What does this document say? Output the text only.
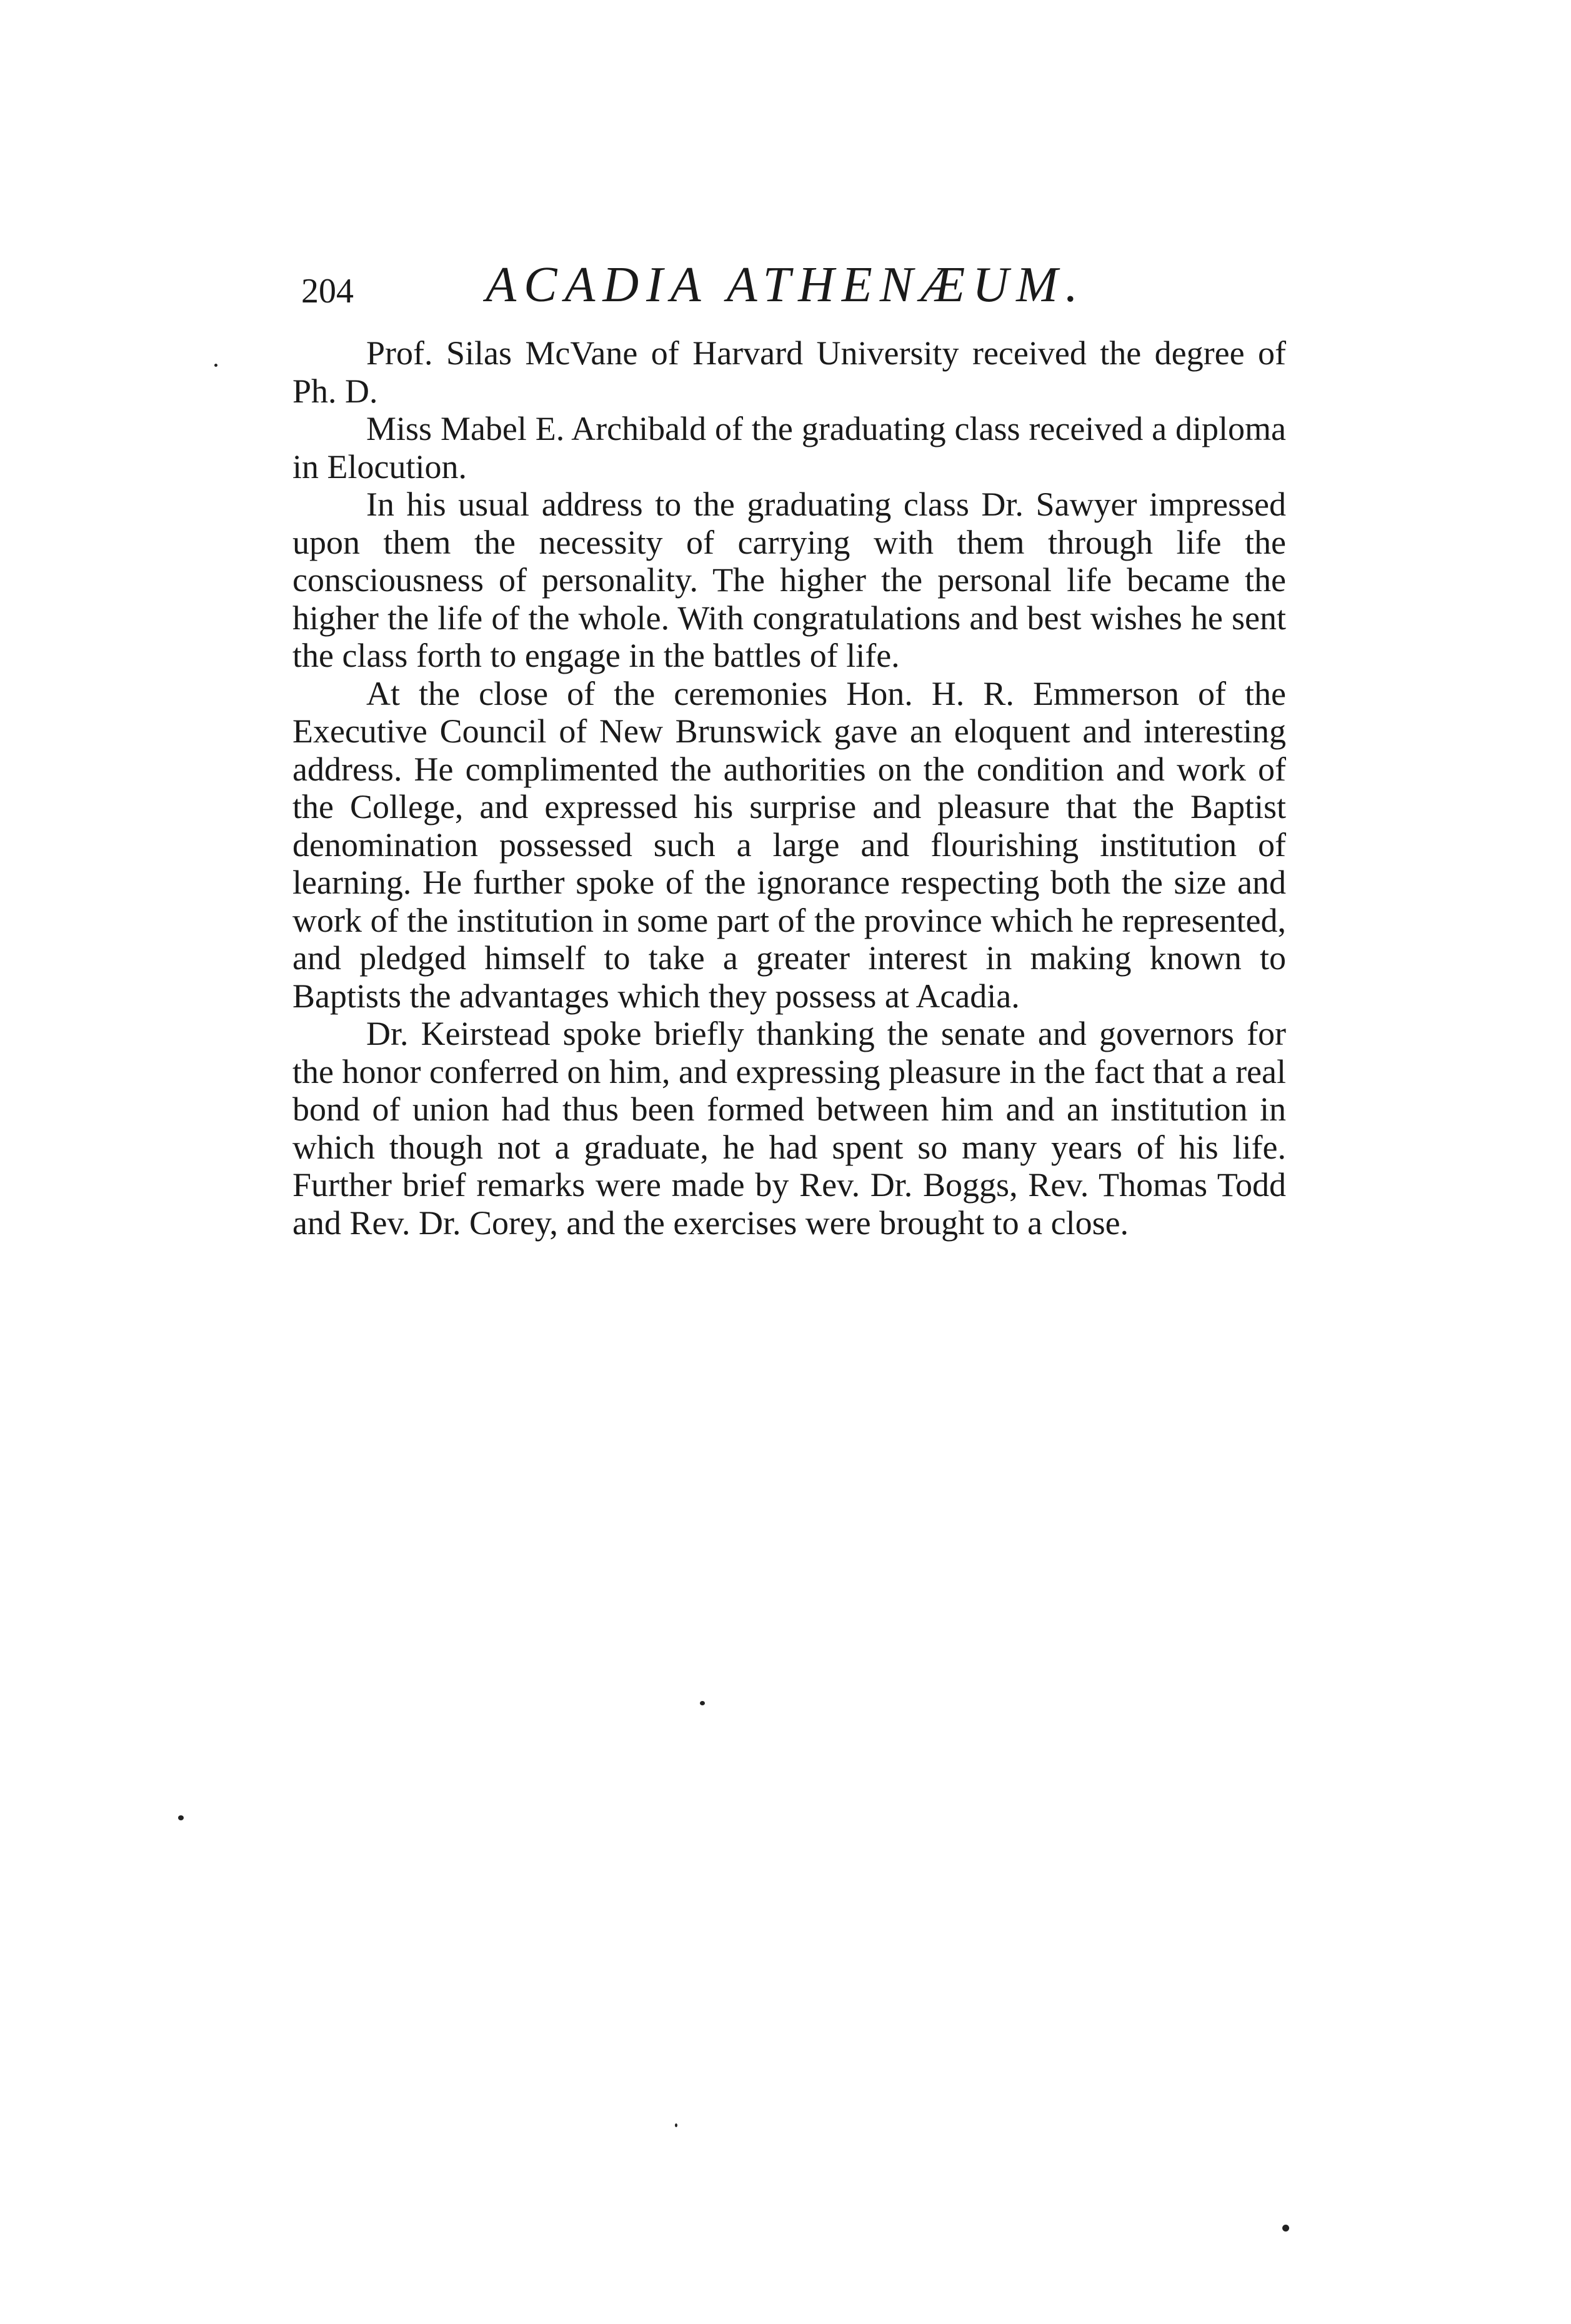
204	ACADIA ATHENÆUM.

Prof. Silas McVane of Harvard University received the degree of Ph. D.

Miss Mabel E. Archibald of the graduating class received a diploma in Elocution.

In his usual address to the graduating class Dr. Sawyer impressed upon them the necessity of carrying with them through life the consciousness of personality. The higher the personal life became the higher the life of the whole. With congratulations and best wishes he sent the class forth to engage in the battles of life.

At the close of the ceremonies Hon. H. R. Emmerson of the Executive Council of New Brunswick gave an eloquent and interesting address. He complimented the authorities on the condition and work of the College, and expressed his surprise and pleasure that the Baptist denomination possessed such a large and flourishing institution of learning. He further spoke of the ignorance respecting both the size and work of the institution in some part of the province which he represented, and pledged himself to take a greater interest in making known to Baptists the advantages which they possess at Acadia.

Dr. Keirstead spoke briefly thanking the senate and governors for the honor conferred on him, and expressing pleasure in the fact that a real bond of union had thus been formed between him and an institution in which though not a graduate, he had spent so many years of his life. Further brief remarks were made by Rev. Dr. Boggs, Rev. Thomas Todd and Rev. Dr. Corey, and the exercises were brought to a close.
